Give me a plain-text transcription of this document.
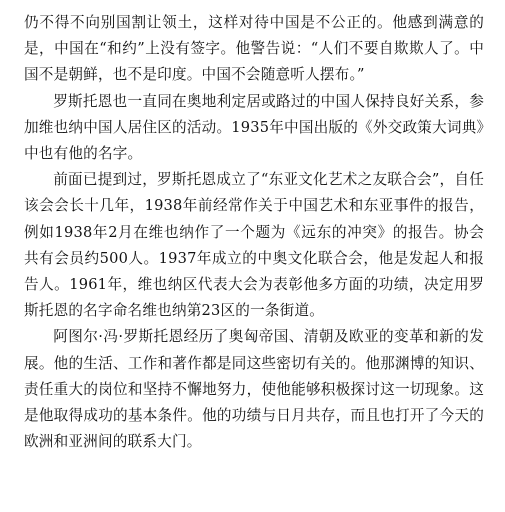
仍不得不向别国割让领土，这样对待中国是不公正的。他感到满意的是，中国在“和约”上没有签字。他警告说：“人们不要自欺欺人了。中国不是朝鲜，也不是印度。中国不会随意听人摆布。”

罗斯托恩也一直同在奥地利定居或路过的中国人保持良好关系，参加维也纳中国人居住区的活动。1935年中国出版的《外交政策大词典》中也有他的名字。

前面已提到过，罗斯托恩成立了“东亚文化艺术之友联合会”，自任该会会长十几年，1938年前经常作关于中国艺术和东亚事件的报告，例如1938年2月在维也纳作了一个题为《远东的冲突》的报告。协会共有会员约500人。1937年成立的中奥文化联合会，他是发起人和报告人。1961年，维也纳区代表大会为表彰他多方面的功绩，决定用罗斯托恩的名字命名维也纳第23区的一条街道。

阿图尔·冯·罗斯托恩经历了奥匈帝国、清朝及欧亚的变革和新的发展。他的生活、工作和著作都是同这些密切有关的。他那渊博的知识、责任重大的岗位和坚持不懈地努力，使他能够积极探讨这一切现象。这是他取得成功的基本条件。他的功绩与日月共存，而且也打开了今天的欧洲和亚洲间的联系大门。
